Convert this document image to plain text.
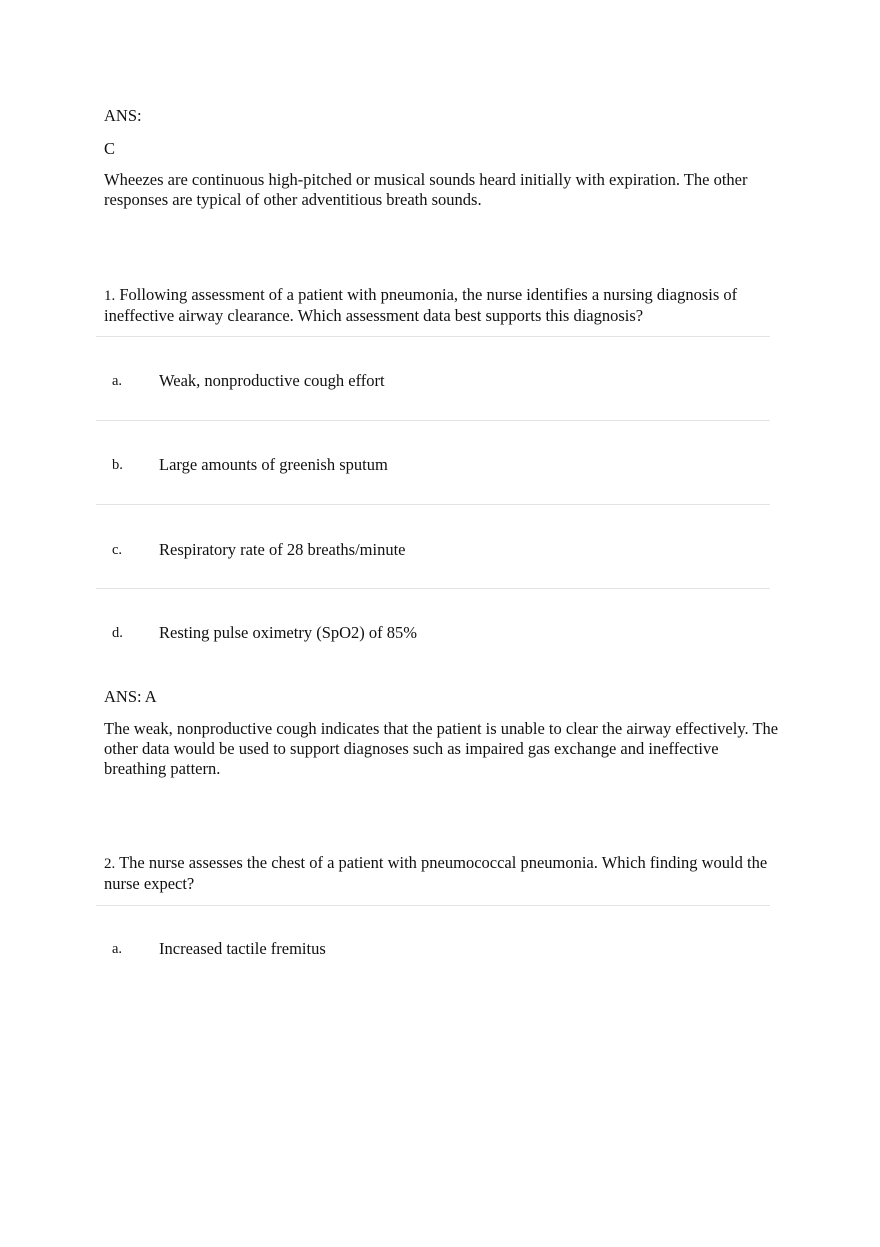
ANS:

C

Wheezes are continuous high-pitched or musical sounds heard initially with expiration. The other responses are typical of other adventitious breath sounds.

1. Following assessment of a patient with pneumonia, the nurse identifies a nursing diagnosis of ineffective airway clearance. Which assessment data best supports this diagnosis?

a. Weak, nonproductive cough effort
b. Large amounts of greenish sputum
c. Respiratory rate of 28 breaths/minute
d. Resting pulse oximetry (SpO2) of 85%

ANS: A

The weak, nonproductive cough indicates that the patient is unable to clear the airway effectively. The other data would be used to support diagnoses such as impaired gas exchange and ineffective breathing pattern.

2. The nurse assesses the chest of a patient with pneumococcal pneumonia. Which finding would the nurse expect?

a. Increased tactile fremitus
